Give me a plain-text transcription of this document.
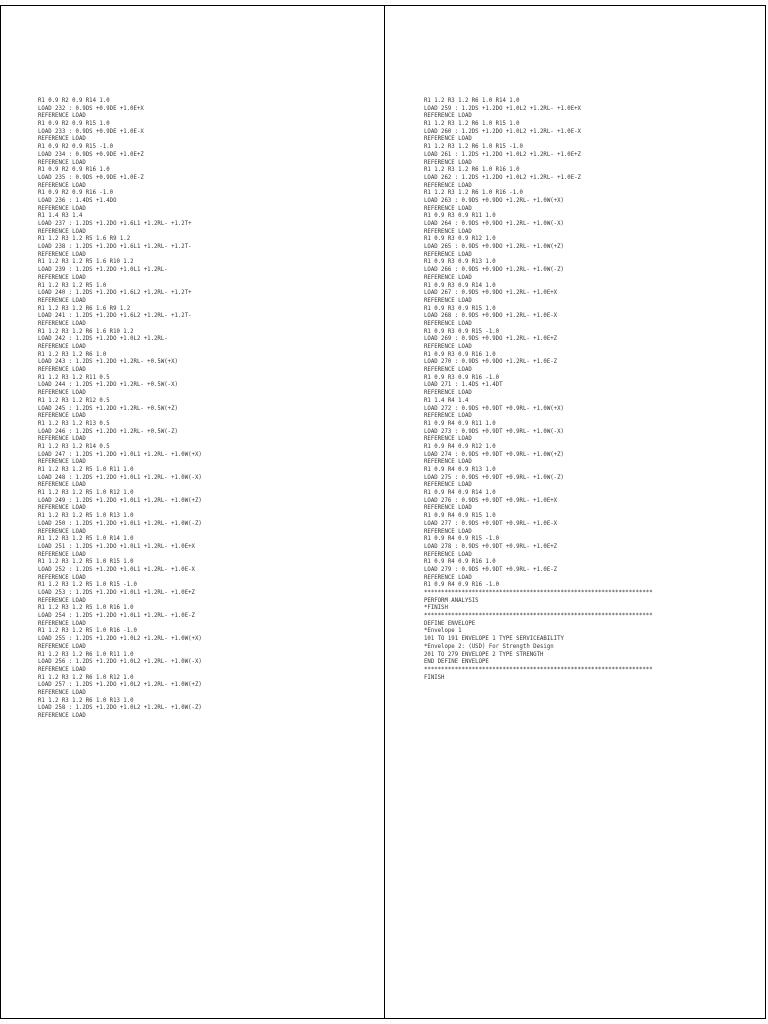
R1 0.9 R2 0.9 R14 1.0
LOAD 232 : 0.9DS +0.9DE +1.0E+X
REFERENCE LOAD
R1 0.9 R2 0.9 R15 1.0
LOAD 233 : 0.9DS +0.9DE +1.0E-X
REFERENCE LOAD
R1 0.9 R2 0.9 R15 -1.0
LOAD 234 : 0.9DS +0.9DE +1.0E+Z
REFERENCE LOAD
R1 0.9 R2 0.9 R16 1.0
LOAD 235 : 0.9DS +0.9DE +1.0E-Z
REFERENCE LOAD
R1 0.9 R2 0.9 R16 -1.0
LOAD 236 : 1.4DS +1.4DO
REFERENCE LOAD
R1 1.4 R3 1.4
LOAD 237 : 1.2DS +1.2DO +1.6L1 +1.2RL- +1.2T+
REFERENCE LOAD
R1 1.2 R3 1.2 R5 1.6 R9 1.2
LOAD 238 : 1.2DS +1.2DO +1.6L1 +1.2RL- +1.2T-
REFERENCE LOAD
R1 1.2 R3 1.2 R5 1.6 R10 1.2
LOAD 239 : 1.2DS +1.2DO +1.0L1 +1.2RL-
REFERENCE LOAD
R1 1.2 R3 1.2 R5 1.0
LOAD 240 : 1.2DS +1.2DO +1.6L2 +1.2RL- +1.2T+
REFERENCE LOAD
R1 1.2 R3 1.2 R6 1.6 R9 1.2
LOAD 241 : 1.2DS +1.2DO +1.6L2 +1.2RL- +1.2T-
REFERENCE LOAD
R1 1.2 R3 1.2 R6 1.6 R10 1.2
LOAD 242 : 1.2DS +1.2DO +1.0L2 +1.2RL-
REFERENCE LOAD
R1 1.2 R3 1.2 R6 1.0
LOAD 243 : 1.2DS +1.2DO +1.2RL- +0.5W(+X)
REFERENCE LOAD
R1 1.2 R3 1.2 R11 0.5
LOAD 244 : 1.2DS +1.2DO +1.2RL- +0.5W(-X)
REFERENCE LOAD
R1 1.2 R3 1.2 R12 0.5
LOAD 245 : 1.2DS +1.2DO +1.2RL- +0.5W(+Z)
REFERENCE LOAD
R1 1.2 R3 1.2 R13 0.5
LOAD 246 : 1.2DS +1.2DO +1.2RL- +0.5W(-Z)
REFERENCE LOAD
R1 1.2 R3 1.2 R14 0.5
LOAD 247 : 1.2DS +1.2DO +1.0L1 +1.2RL- +1.0W(+X)
REFERENCE LOAD
R1 1.2 R3 1.2 R5 1.0 R11 1.0
LOAD 248 : 1.2DS +1.2DO +1.0L1 +1.2RL- +1.0W(-X)
REFERENCE LOAD
R1 1.2 R3 1.2 R5 1.0 R12 1.0
LOAD 249 : 1.2DS +1.2DO +1.0L1 +1.2RL- +1.0W(+Z)
REFERENCE LOAD
R1 1.2 R3 1.2 R5 1.0 R13 1.0
LOAD 250 : 1.2DS +1.2DO +1.0L1 +1.2RL- +1.0W(-Z)
REFERENCE LOAD
R1 1.2 R3 1.2 R5 1.0 R14 1.0
LOAD 251 : 1.2DS +1.2DO +1.0L1 +1.2RL- +1.0E+X
REFERENCE LOAD
R1 1.2 R3 1.2 R5 1.0 R15 1.0
LOAD 252 : 1.2DS +1.2DO +1.0L1 +1.2RL- +1.0E-X
REFERENCE LOAD
R1 1.2 R3 1.2 R5 1.0 R15 -1.0
LOAD 253 : 1.2DS +1.2DO +1.0L1 +1.2RL- +1.0E+Z
REFERENCE LOAD
R1 1.2 R3 1.2 R5 1.0 R16 1.0
LOAD 254 : 1.2DS +1.2DO +1.0L1 +1.2RL- +1.0E-Z
REFERENCE LOAD
R1 1.2 R3 1.2 R5 1.0 R16 -1.0
LOAD 255 : 1.2DS +1.2DO +1.0L2 +1.2RL- +1.0W(+X)
REFERENCE LOAD
R1 1.2 R3 1.2 R6 1.0 R11 1.0
LOAD 256 : 1.2DS +1.2DO +1.0L2 +1.2RL- +1.0W(-X)
REFERENCE LOAD
R1 1.2 R3 1.2 R6 1.0 R12 1.0
LOAD 257 : 1.2DS +1.2DO +1.0L2 +1.2RL- +1.0W(+Z)
REFERENCE LOAD
R1 1.2 R3 1.2 R6 1.0 R13 1.0
LOAD 258 : 1.2DS +1.2DO +1.0L2 +1.2RL- +1.0W(-Z)
REFERENCE LOAD
R1 1.2 R3 1.2 R6 1.0 R14 1.0
LOAD 259 : 1.2DS +1.2DO +1.0L2 +1.2RL- +1.0E+X
REFERENCE LOAD
R1 1.2 R3 1.2 R6 1.0 R15 1.0
LOAD 260 : 1.2DS +1.2DO +1.0L2 +1.2RL- +1.0E-X
REFERENCE LOAD
R1 1.2 R3 1.2 R6 1.0 R15 -1.0
LOAD 261 : 1.2DS +1.2DO +1.0L2 +1.2RL- +1.0E+Z
REFERENCE LOAD
R1 1.2 R3 1.2 R6 1.0 R16 1.0
LOAD 262 : 1.2DS +1.2DO +1.0L2 +1.2RL- +1.0E-Z
REFERENCE LOAD
R1 1.2 R3 1.2 R6 1.0 R16 -1.0
LOAD 263 : 0.9DS +0.9DO +1.2RL- +1.0W(+X)
REFERENCE LOAD
R1 0.9 R3 0.9 R11 1.0
LOAD 264 : 0.9DS +0.9DO +1.2RL- +1.0W(-X)
REFERENCE LOAD
R1 0.9 R3 0.9 R12 1.0
LOAD 265 : 0.9DS +0.9DO +1.2RL- +1.0W(+Z)
REFERENCE LOAD
R1 0.9 R3 0.9 R13 1.0
LOAD 266 : 0.9DS +0.9DO +1.2RL- +1.0W(-Z)
REFERENCE LOAD
R1 0.9 R3 0.9 R14 1.0
LOAD 267 : 0.9DS +0.9DO +1.2RL- +1.0E+X
REFERENCE LOAD
R1 0.9 R3 0.9 R15 1.0
LOAD 268 : 0.9DS +0.9DO +1.2RL- +1.0E-X
REFERENCE LOAD
R1 0.9 R3 0.9 R15 -1.0
LOAD 269 : 0.9DS +0.9DO +1.2RL- +1.0E+Z
REFERENCE LOAD
R1 0.9 R3 0.9 R16 1.0
LOAD 270 : 0.9DS +0.9DO +1.2RL- +1.0E-Z
REFERENCE LOAD
R1 0.9 R3 0.9 R16 -1.0
LOAD 271 : 1.4DS +1.4DT
REFERENCE LOAD
R1 1.4 R4 1.4
LOAD 272 : 0.9DS +0.9DT +0.9RL- +1.0W(+X)
REFERENCE LOAD
R1 0.9 R4 0.9 R11 1.0
LOAD 273 : 0.9DS +0.9DT +0.9RL- +1.0W(-X)
REFERENCE LOAD
R1 0.9 R4 0.9 R12 1.0
LOAD 274 : 0.9DS +0.9DT +0.9RL- +1.0W(+Z)
REFERENCE LOAD
R1 0.9 R4 0.9 R13 1.0
LOAD 275 : 0.9DS +0.9DT +0.9RL- +1.0W(-Z)
REFERENCE LOAD
R1 0.9 R4 0.9 R14 1.0
LOAD 276 : 0.9DS +0.9DT +0.9RL- +1.0E+X
REFERENCE LOAD
R1 0.9 R4 0.9 R15 1.0
LOAD 277 : 0.9DS +0.9DT +0.9RL- +1.0E-X
REFERENCE LOAD
R1 0.9 R4 0.9 R15 -1.0
LOAD 278 : 0.9DS +0.9DT +0.9RL- +1.0E+Z
REFERENCE LOAD
R1 0.9 R4 0.9 R16 1.0
LOAD 279 : 0.9DS +0.9DT +0.9RL- +1.0E-Z
REFERENCE LOAD
R1 0.9 R4 0.9 R16 -1.0
*******************************************************************
PERFORM ANALYSIS
*FINISH
*******************************************************************
DEFINE ENVELOPE
*Envelope 1
101 TO 191 ENVELOPE 1 TYPE SERVICEABILITY
*Envelope 2: (USD) For Strength Design
201 TO 279 ENVELOPE 2 TYPE STRENGTH
END DEFINE ENVELOPE
*******************************************************************
FINISH
